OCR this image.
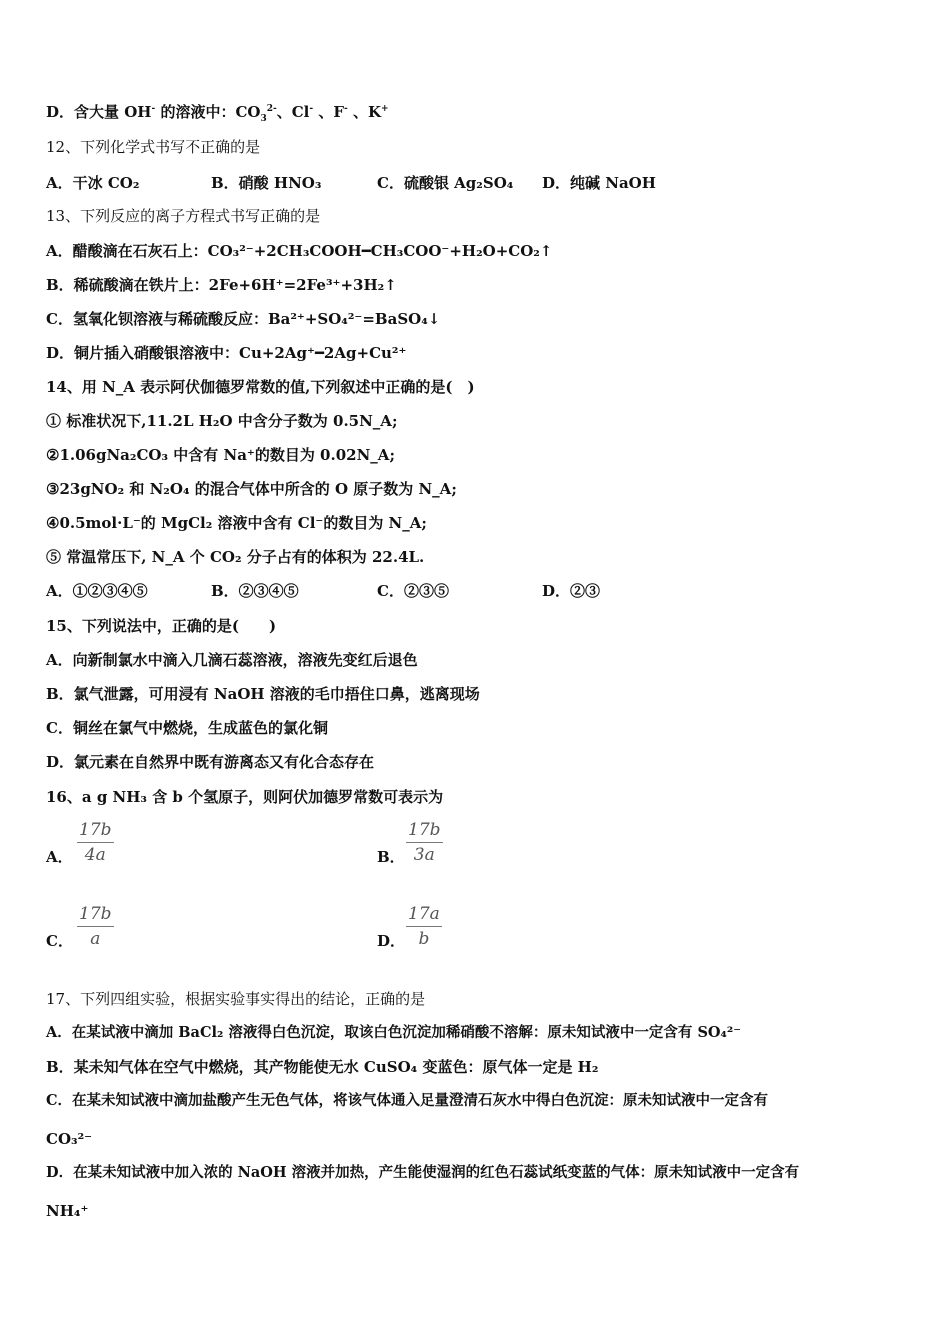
D．含大量 OH- 的溶液中：$CO_3^{2-}$、Cl- 、F- 、K+
12、下列化学式书写不正确的是
A．干冰 CO₂	B．硝酸 HNO₃	C．硫酸银 Ag₂SO₄ D．纯碱 NaOH
13、下列反应的离子方程式书写正确的是
A．醋酸滴在石灰石上：CO₃²⁻+2CH₃COOH━CH₃COO⁻+H₂O+CO₂↑
B．稀硫酸滴在铁片上：2Fe+6H⁺=2Fe³⁺+3H₂↑
C．氢氧化钡溶液与稀硫酸反应：Ba²⁺+SO₄²⁻=BaSO₄↓
D．铜片插入硝酸银溶液中：Cu+2Ag⁺━2Ag+Cu²⁺
14、用 N_A 表示阿伏伽德罗常数的值,下列叙述中正确的是(　)
① 标准状况下,11.2L H₂O 中含分子数为 0.5N_A;
②1.06gNa₂CO₃ 中含有 Na⁺的数目为 0.02N_A;
③23gNO₂ 和 N₂O₄ 的混合气体中所含的 O 原子数为 N_A;
④0.5mol·L⁻的 MgCl₂ 溶液中含有 Cl⁻的数目为 N_A;
⑤ 常温常压下, N_A 个 CO₂ 分子占有的体积为 22.4L.
A．①②③④⑤	B．②③④⑤	C．②③⑤	D．②③
15、下列说法中，正确的是(　　)
A．向新制氯水中滴入几滴石蕊溶液，溶液先变红后退色
B．氯气泄露，可用浸有 NaOH 溶液的毛巾捂住口鼻，逃离现场
C．铜丝在氯气中燃烧，生成蓝色的氯化铜
D．氯元素在自然界中既有游离态又有化合态存在
16、a g NH₃ 含 b 个氢原子，则阿伏加德罗常数可表示为
A． $\frac{17b}{4a}$	B． $\frac{17b}{3a}$
C． $\frac{17b}{a}$	D． $\frac{17a}{b}$
17、下列四组实验，根据实验事实得出的结论，正确的是
A．在某试液中滴加 BaCl₂ 溶液得白色沉淀，取该白色沉淀加稀硝酸不溶解：原未知试液中一定含有 SO₄²⁻
B．某未知气体在空气中燃烧，其产物能使无水 CuSO₄ 变蓝色：原气体一定是 H₂
C．在某未知试液中滴加盐酸产生无色气体，将该气体通入足量澄清石灰水中得白色沉淀：原未知试液中一定含有
CO₃²⁻
D．在某未知试液中加入浓的 NaOH 溶液并加热，产生能使湿润的红色石蕊试纸变蓝的气体：原未知试液中一定含有
NH₄⁺
